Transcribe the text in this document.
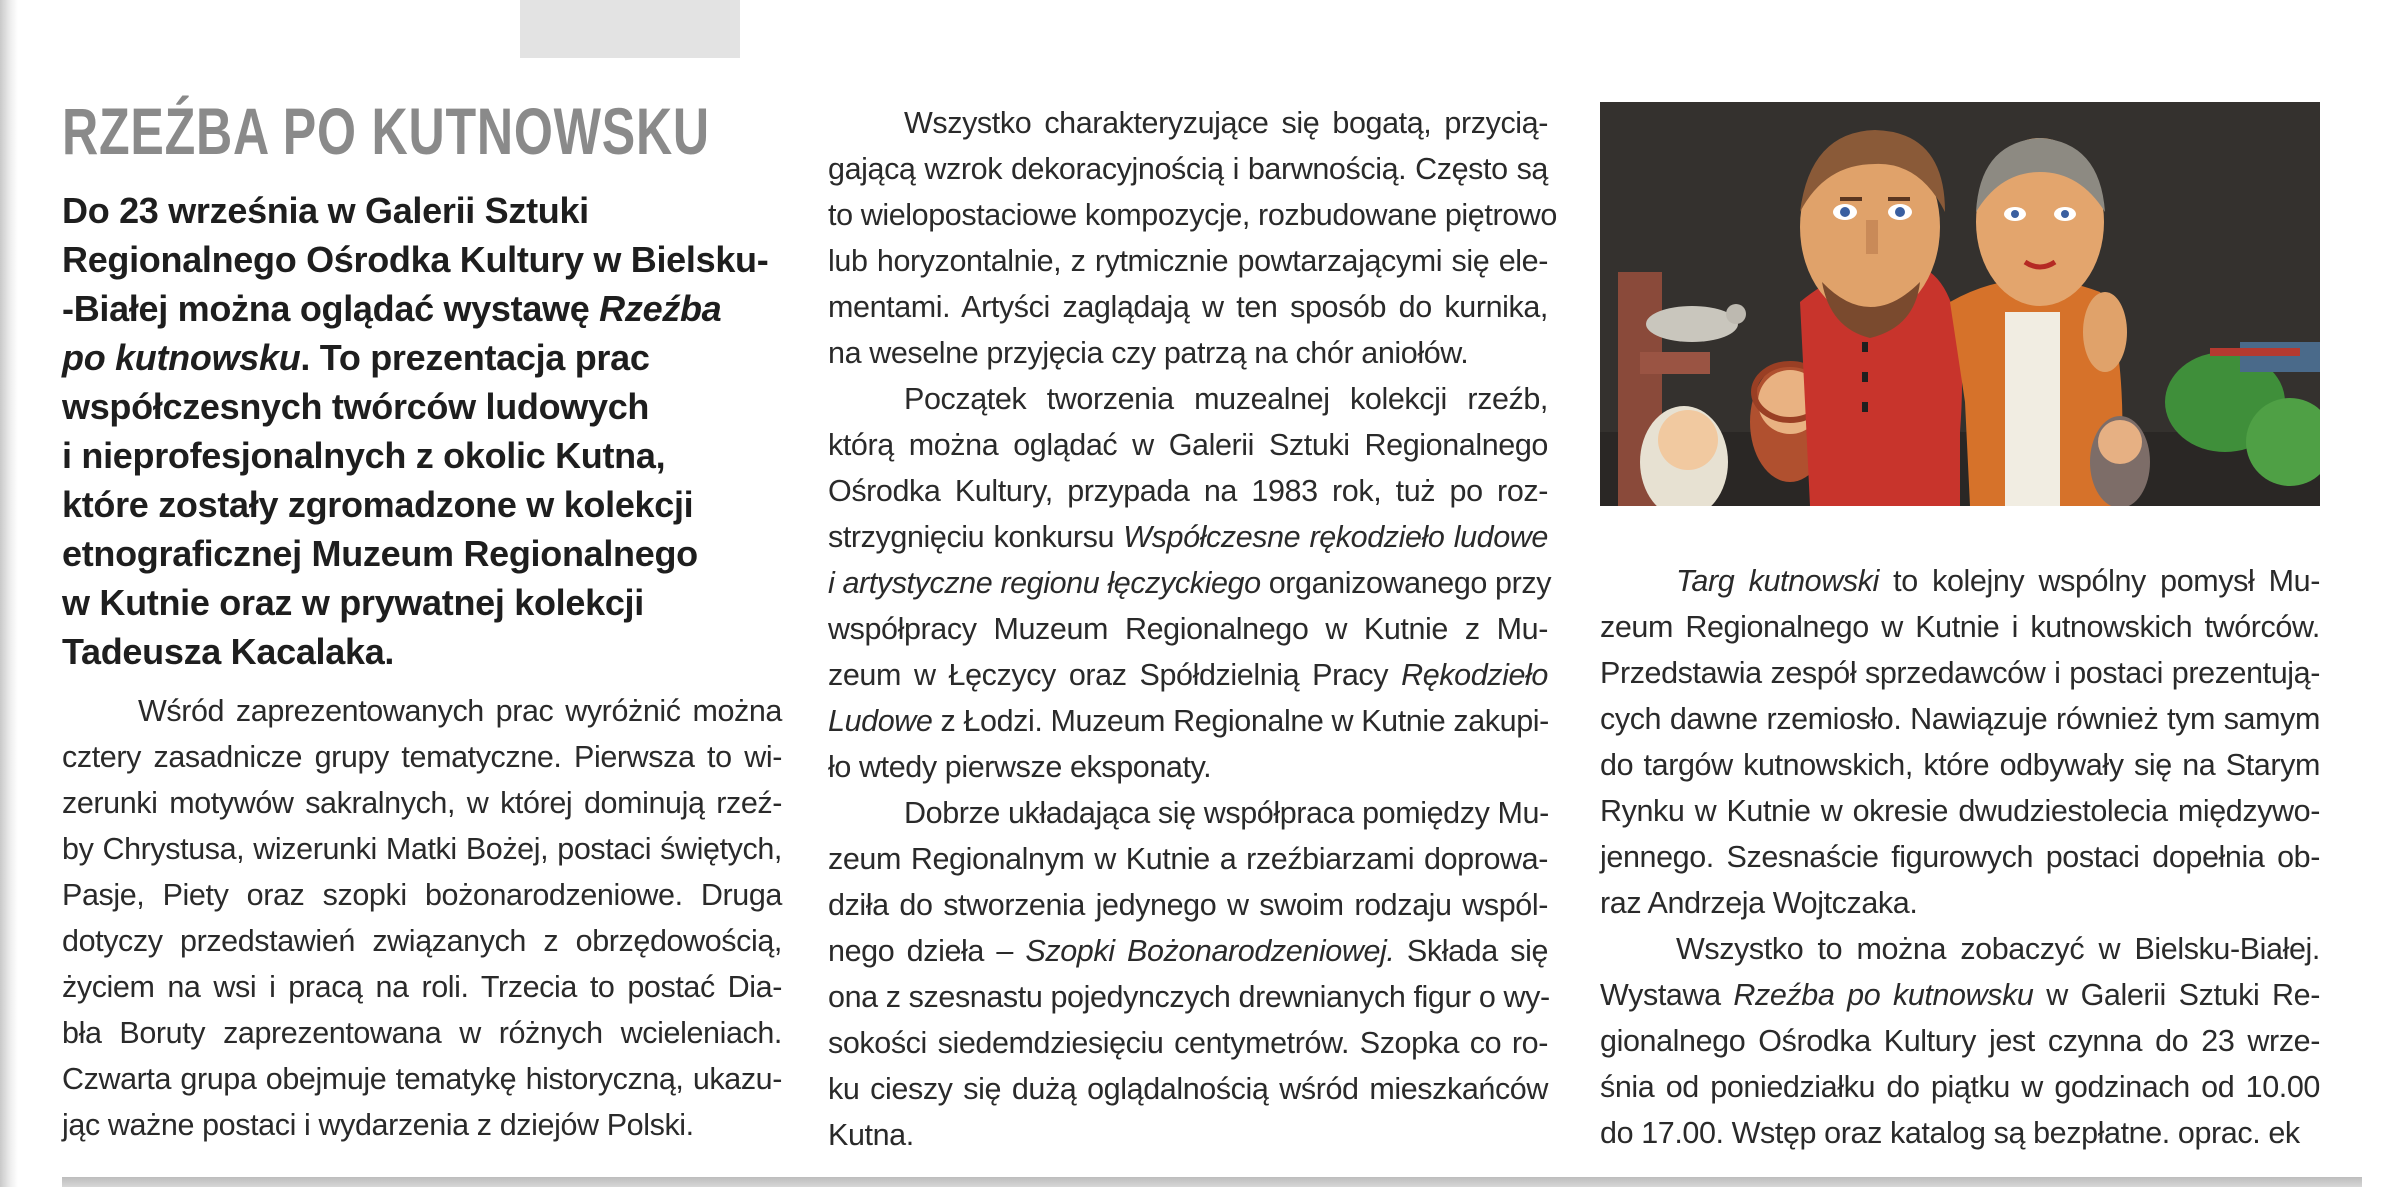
RZEŹBA PO KUTNOWSKU
Do 23 września w Galerii Sztuki
Regionalnego Ośrodka Kultury w Bielsku-
-Białej można oglądać wystawę Rzeźba
po kutnowsku. To prezentacja prac
współczesnych twórców ludowych
i nieprofesjonalnych z okolic Kutna,
które zostały zgromadzone w kolekcji
etnograficznej Muzeum Regionalnego
w Kutnie oraz w prywatnej kolekcji
Tadeusza Kacalaka.
Wśród zaprezentowanych prac wyróżnić można
cztery zasadnicze grupy tematyczne. Pierwsza to wi-
zerunki motywów sakralnych, w której dominują rzeź-
by Chrystusa, wizerunki Matki Bożej, postaci świętych,
Pasje, Piety oraz szopki bożonarodzeniowe. Druga
dotyczy przedstawień związanych z obrzędowością,
życiem na wsi i pracą na roli. Trzecia to postać Dia-
bła Boruty zaprezentowana w różnych wcieleniach.
Czwarta grupa obejmuje tematykę historyczną, ukazu-
jąc ważne postaci i wydarzenia z dziejów Polski.
Wszystko charakteryzujące się bogatą, przycią-
gającą wzrok dekoracyjnością i barwnością. Często są
to wielopostaciowe kompozycje, rozbudowane piętrowo
lub horyzontalnie, z rytmicznie powtarzającymi się ele-
mentami. Artyści zaglądają w ten sposób do kurnika,
na weselne przyjęcia czy patrzą na chór aniołów.
Początek tworzenia muzealnej kolekcji rzeźb,
którą można oglądać w Galerii Sztuki Regionalnego
Ośrodka Kultury, przypada na 1983 rok, tuż po roz-
strzygnięciu konkursu Współczesne rękodzieło ludowe
i artystyczne regionu łęczyckiego organizowanego przy
współpracy Muzeum Regionalnego w Kutnie z Mu-
zeum w Łęczycy oraz Spółdzielnią Pracy Rękodzieło
Ludowe z Łodzi. Muzeum Regionalne w Kutnie zakupi-
ło wtedy pierwsze eksponaty.
Dobrze układająca się współpraca pomiędzy Mu-
zeum Regionalnym w Kutnie a rzeźbiarzami doprowa-
dziła do stworzenia jedynego w swoim rodzaju wspól-
nego dzieła – Szopki Bożonarodzeniowej. Składa się
ona z szesnastu pojedynczych drewnianych figur o wy-
sokości siedemdziesięciu centymetrów. Szopka co ro-
ku cieszy się dużą oglądalnością wśród mieszkańców
Kutna.
Targ kutnowski to kolejny wspólny pomysł Mu-
zeum Regionalnego w Kutnie i kutnowskich twórców.
Przedstawia zespół sprzedawców i postaci prezentują-
cych dawne rzemiosło. Nawiązuje również tym samym
do targów kutnowskich, które odbywały się na Starym
Rynku w Kutnie w okresie dwudziestolecia międzywo-
jennego. Szesnaście figurowych postaci dopełnia ob-
raz Andrzeja Wojtczaka.
Wszystko to można zobaczyć w Bielsku-Białej.
Wystawa Rzeźba po kutnowsku w Galerii Sztuki Re-
gionalnego Ośrodka Kultury jest czynna do 23 wrze-
śnia od poniedziałku do piątku w godzinach od 10.00
do 17.00. Wstęp oraz katalog są bezpłatne. oprac. ek
